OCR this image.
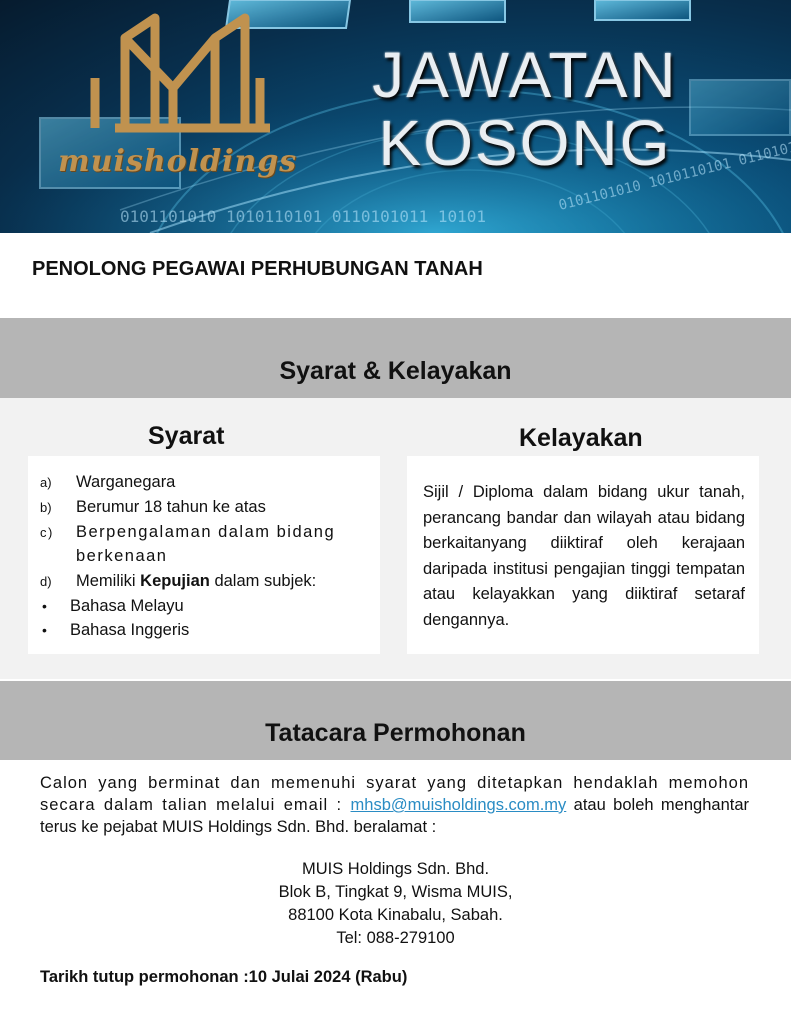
0101101010 1010110101 0110101011 10101
muisholdings
JAWATAN
KOSONG
PENOLONG PEGAWAI PERHUBUNGAN TANAH
Syarat & Kelayakan
Syarat	Kelayakan
a) Warganegara
b) Berumur 18 tahun ke atas
c) Berpengalaman dalam bidang berkenaan
d) Memiliki Kepujian dalam subjek:
• Bahasa Melayu
• Bahasa Inggeris
Sijil / Diploma dalam bidang ukur tanah, perancang bandar dan wilayah atau bidang berkaitanyang diiktiraf oleh kerajaan daripada institusi pengajian tinggi tempatan atau kelayakkan yang diiktiraf setaraf dengannya.
Tatacara Permohonan
Calon yang berminat dan memenuhi syarat yang ditetapkan hendaklah memohon secara dalam talian melalui email : mhsb@muisholdings.com.my atau boleh menghantar terus ke pejabat MUIS Holdings Sdn. Bhd. beralamat :
MUIS Holdings Sdn. Bhd.
Blok B, Tingkat 9, Wisma MUIS,
88100 Kota Kinabalu, Sabah.
Tel: 088-279100
Tarikh tutup permohonan :10 Julai 2024 (Rabu)
